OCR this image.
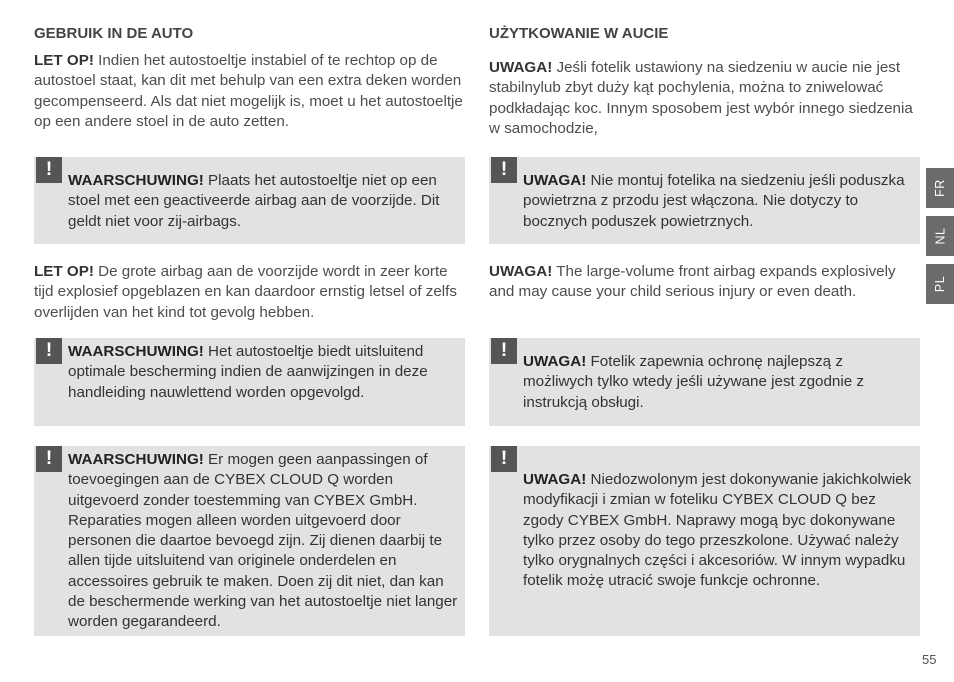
GEBRUIK IN DE AUTO

LET OP! Indien het autostoeltje instabiel of te rechtop op de autostoel staat, kan dit met behulp van een extra deken worden gecompenseerd. Als dat niet mogelijk is, moet u het autostoeltje op een andere stoel in de auto zetten.

!

WAARSCHUWING! Plaats het autostoeltje niet op een stoel met een geactiveerde airbag aan de voorzijde. Dit geldt niet voor zij-airbags.

LET OP! De grote airbag aan de voorzijde wordt in zeer korte tijd explosief opgeblazen en kan daardoor ernstig letsel of zelfs overlijden van het kind tot gevolg hebben.

!	WAARSCHUWING! Het autostoeltje biedt uitsluitend optimale bescherming indien de aanwijzingen in deze handleiding nauwlettend worden opgevolgd.

!	WAARSCHUWING! Er mogen geen aanpassingen of toevoegingen aan de CYBEX CLOUD Q worden uitgevoerd zonder toestemming van CYBEX GmbH. Reparaties mogen alleen worden uitgevoerd door personen die daartoe bevoegd zijn. Zij dienen daarbij te allen tijde uitsluitend van originele onderdelen en accessoires gebruik te maken. Doen zij dit niet, dan kan de beschermende werking van het autostoeltje niet langer worden gegarandeerd.

UŻYTKOWANIE W AUCIE

UWAGA! Jeśli fotelik ustawiony na siedzeniu w aucie nie jest stabilnylub zbyt duży kąt pochylenia, można to zniwelować podkładając koc. Innym sposobem jest wybór innego siedzenia w samochodzie,

!

UWAGA! Nie montuj fotelika na siedzeniu jeśli poduszka powietrzna z przodu jest włączona. Nie dotyczy to bocznych poduszek powietrznych.

UWAGA! The large-volume front airbag expands explosively and may cause your child serious injury or even death.

!

UWAGA! Fotelik zapewnia ochronę najlepszą z możliwych tylko wtedy jeśli używane jest zgodnie z instrukcją obsługi.

!

UWAGA! Niedozwolonym jest dokonywanie jakichkolwiek modyfikacji i zmian w foteliku CYBEX CLOUD Q bez zgody CYBEX GmbH. Naprawy mogą byc dokonywane tylko przez osoby do tego przeszkolone. Używać należy tylko orygnalnych części i akcesoriów. W innym wypadku fotelik możę utracić swoje funkcje ochronne.

FR
NL
PL
55
